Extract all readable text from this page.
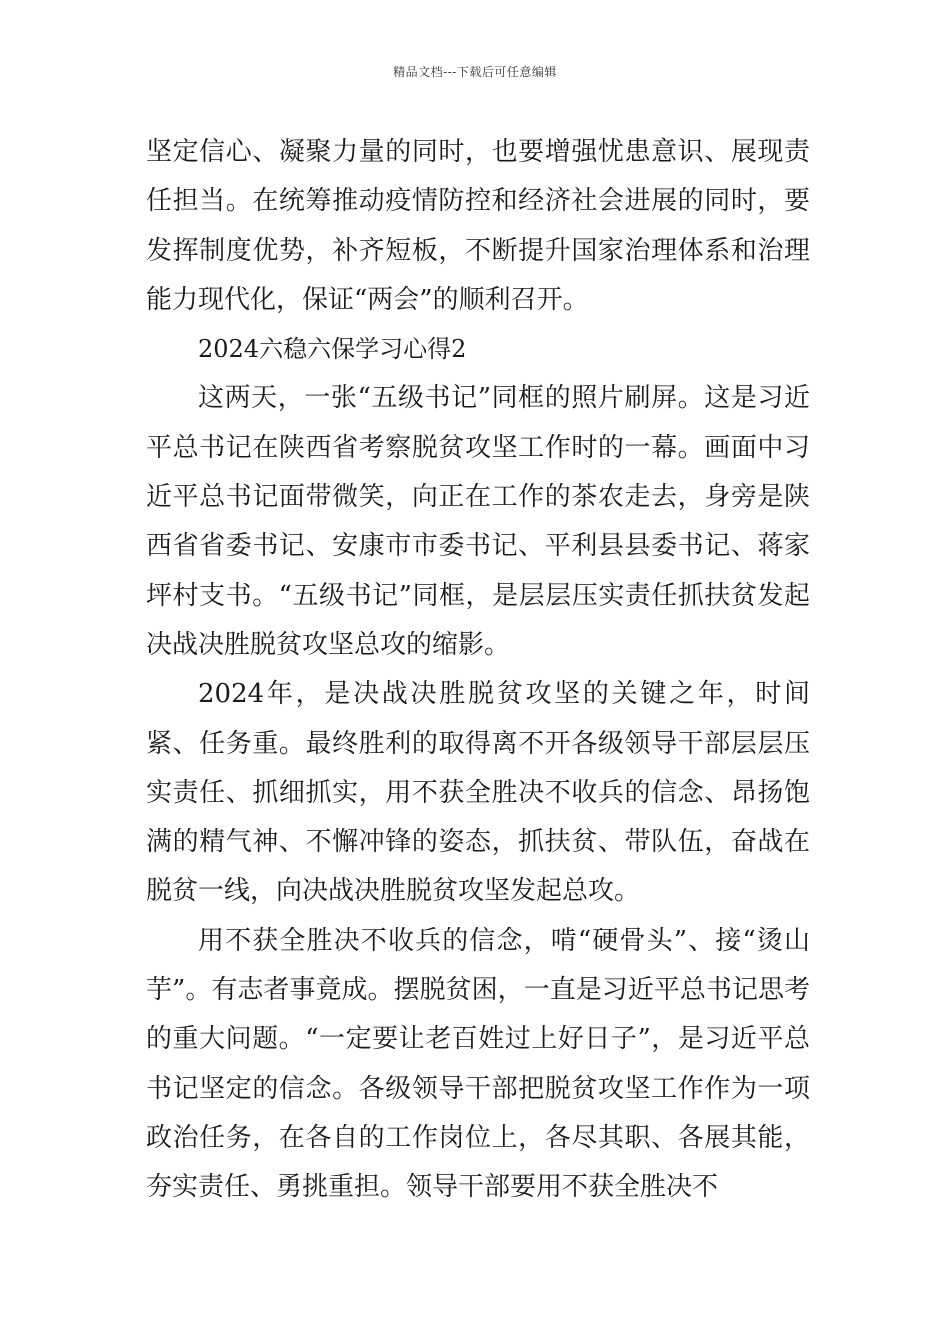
精品文档---下载后可任意编辑

坚定信心、凝聚力量的同时，也要增强忧患意识、展现责任担当。在统筹推动疫情防控和经济社会进展的同时，要发挥制度优势，补齐短板，不断提升国家治理体系和治理能力现代化，保证“两会”的顺利召开。

2024六稳六保学习心得2

这两天，一张“五级书记”同框的照片刷屏。这是习近平总书记在陕西省考察脱贫攻坚工作时的一幕。画面中习近平总书记面带微笑，向正在工作的茶农走去，身旁是陕西省省委书记、安康市市委书记、平利县县委书记、蒋家坪村支书。“五级书记”同框，是层层压实责任抓扶贫发起决战决胜脱贫攻坚总攻的缩影。

2024年，是决战决胜脱贫攻坚的关键之年，时间紧、任务重。最终胜利的取得离不开各级领导干部层层压实责任、抓细抓实，用不获全胜决不收兵的信念、昂扬饱满的精气神、不懈冲锋的姿态，抓扶贫、带队伍，奋战在脱贫一线，向决战决胜脱贫攻坚发起总攻。

用不获全胜决不收兵的信念，啃“硬骨头”、接“烫山芋”。有志者事竟成。摆脱贫困，一直是习近平总书记思考的重大问题。“一定要让老百姓过上好日子”，是习近平总书记坚定的信念。各级领导干部把脱贫攻坚工作作为一项政治任务，在各自的工作岗位上，各尽其职、各展其能，夯实责任、勇挑重担。领导干部要用不获全胜决不
